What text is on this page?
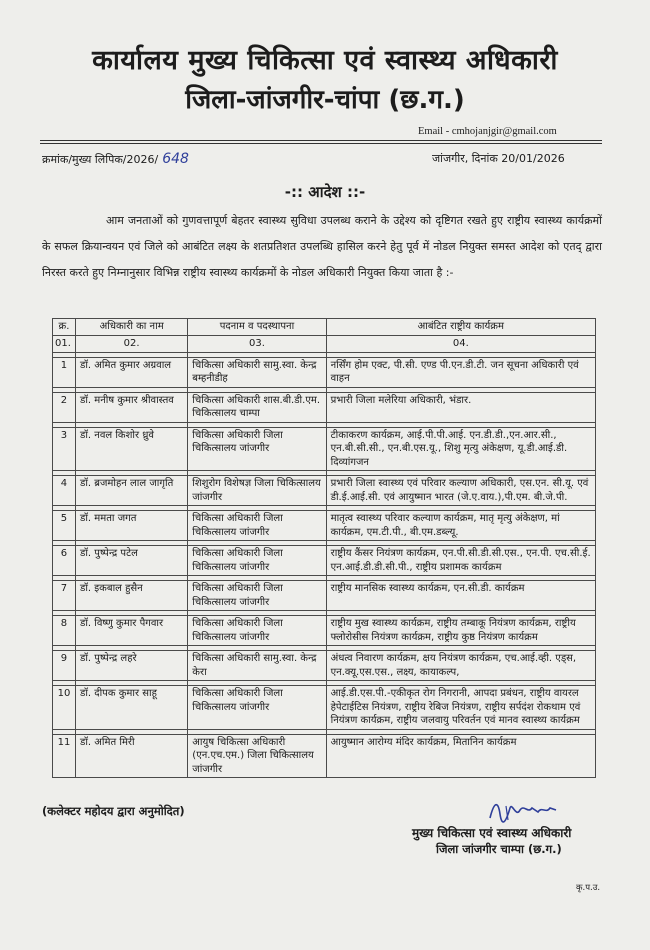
कार्यालय मुख्य चिकित्सा एवं स्वास्थ्य अधिकारी
जिला-जांजगीर-चांपा (छ.ग.)
Email - cmhojanjgir@gmail.com
क्रमांक/मुख्य लिपिक/2026/ 648	जांजगीर, दिनांक 20/01/2026
-:: आदेश ::-
आम जनताओं को गुणवत्तापूर्ण बेहतर स्वास्थ्य सुविधा उपलब्ध कराने के उद्देश्य को दृष्टिगत रखते हुए राष्ट्रीय स्वास्थ्य कार्यक्रमों के सफल क्रियान्वयन एवं जिले को आबंटित लक्ष्य के शतप्रतिशत उपलब्धि हासिल करने हेतु पूर्व में नोडल नियुक्त समस्त आदेश को एतद् द्वारा निरस्त करते हुए निम्नानुसार विभिन्न राष्ट्रीय स्वास्थ्य कार्यक्रमों के नोडल अधिकारी नियुक्त किया जाता है :-
क्र.	अधिकारी का नाम	पदनाम व पदस्थापना	आबंटित राष्ट्रीय कार्यक्रम
01.	02.	03.	04.

1	डॉ. अमित कुमार अग्रवाल	चिकित्सा अधिकारी सामु.स्वा. केन्द्र बम्हनीडीह	नर्सिंग होम एक्ट, पी.सी. एण्ड पी.एन.डी.टी. जन सूचना अधिकारी एवं वाहन

2	डॉ. मनीष कुमार श्रीवास्तव	चिकित्सा अधिकारी शास.बी.डी.एम. चिकित्सालय चाम्पा	प्रभारी जिला मलेरिया अधिकारी, भंडार.

3	डॉ. नवल किशोर ध्रुवे	चिकित्सा अधिकारी जिला चिकित्सालय जांजगीर	टीकाकरण कार्यक्रम, आई.पी.पी.आई. एन.डी.डी.,एन.आर.सी., एन.बी.सी.सी., एन.बी.एस.यू., शिशु मृत्यु अंकेक्षण, यू.डी.आई.डी. दिव्यांगजन

4	डॉ. ब्रजमोहन लाल जागृति	शिशुरोग विशेषज्ञ जिला चिकित्सालय जांजगीर	प्रभारी जिला स्वास्थ्य एवं परिवार कल्याण अधिकारी, एस.एन. सी.यू. एवं डी.ई.आई.सी. एवं आयुष्मान भारत (जे.ए.वाय.),पी.एम. बी.जे.पी.

5	डॉ. ममता जगत	चिकित्सा अधिकारी जिला चिकित्सालय जांजगीर	मातृत्व स्वास्थ्य परिवार कल्याण कार्यक्रम, मातृ मृत्यु अंकेक्षण, मां कार्यक्रम, एम.टी.पी., बी.एम.डब्ल्यू.

6	डॉ. पुष्पेन्द्र पटेल	चिकित्सा अधिकारी जिला चिकित्सालय जांजगीर	राष्ट्रीय कैंसर नियंत्रण कार्यक्रम, एन.पी.सी.डी.सी.एस., एन.पी. एच.सी.ई. एन.आई.डी.डी.सी.पी., राष्ट्रीय प्रशामक कार्यक्रम

7	डॉ. इकबाल हुसैन	चिकित्सा अधिकारी जिला चिकित्सालय जांजगीर	राष्ट्रीय मानसिक स्वास्थ्य कार्यक्रम, एन.सी.डी. कार्यक्रम

8	डॉ. विष्णु कुमार पैगवार	चिकित्सा अधिकारी जिला चिकित्सालय जांजगीर	राष्ट्रीय मुख स्वास्थ्य कार्यक्रम, राष्ट्रीय तम्बाकू नियंत्रण कार्यक्रम, राष्ट्रीय फ्लोरोसीस नियंत्रण कार्यक्रम, राष्ट्रीय कुष्ठ नियंत्रण कार्यक्रम

9	डॉ. पुष्पेन्द्र लहरे	चिकित्सा अधिकारी सामु.स्वा. केन्द्र केरा	अंधत्व निवारण कार्यक्रम, क्षय नियंत्रण कार्यक्रम, एच.आई.व्ही. एड्स, एन.क्यू.एस.एस., लक्ष्य, कायाकल्प,

10	डॉ. दीपक कुमार साहू	चिकित्सा अधिकारी जिला चिकित्सालय जांजगीर	आई.डी.एस.पी.-एकीकृत रोग निगरानी, आपदा प्रबंधन, राष्ट्रीय वायरल हेपेटाईटिस नियंत्रण, राष्ट्रीय रेबिज नियंत्रण, राष्ट्रीय सर्पदंश रोकथाम एवं नियंत्रण कार्यक्रम, राष्ट्रीय जलवायु परिवर्तन एवं मानव स्वास्थ्य कार्यक्रम

11	डॉ. अमित मिरी	आयुष चिकित्सा अधिकारी (एन.एच.एम.) जिला चिकित्सालय जांजगीर	आयुष्मान आरोग्य मंदिर कार्यक्रम, मितानिन कार्यक्रम
(कलेक्टर महोदय द्वारा अनुमोदित)
मुख्य चिकित्सा एवं स्वास्थ्य अधिकारी
जिला जांजगीर चाम्पा (छ.ग.)
कृ.प.उ.
